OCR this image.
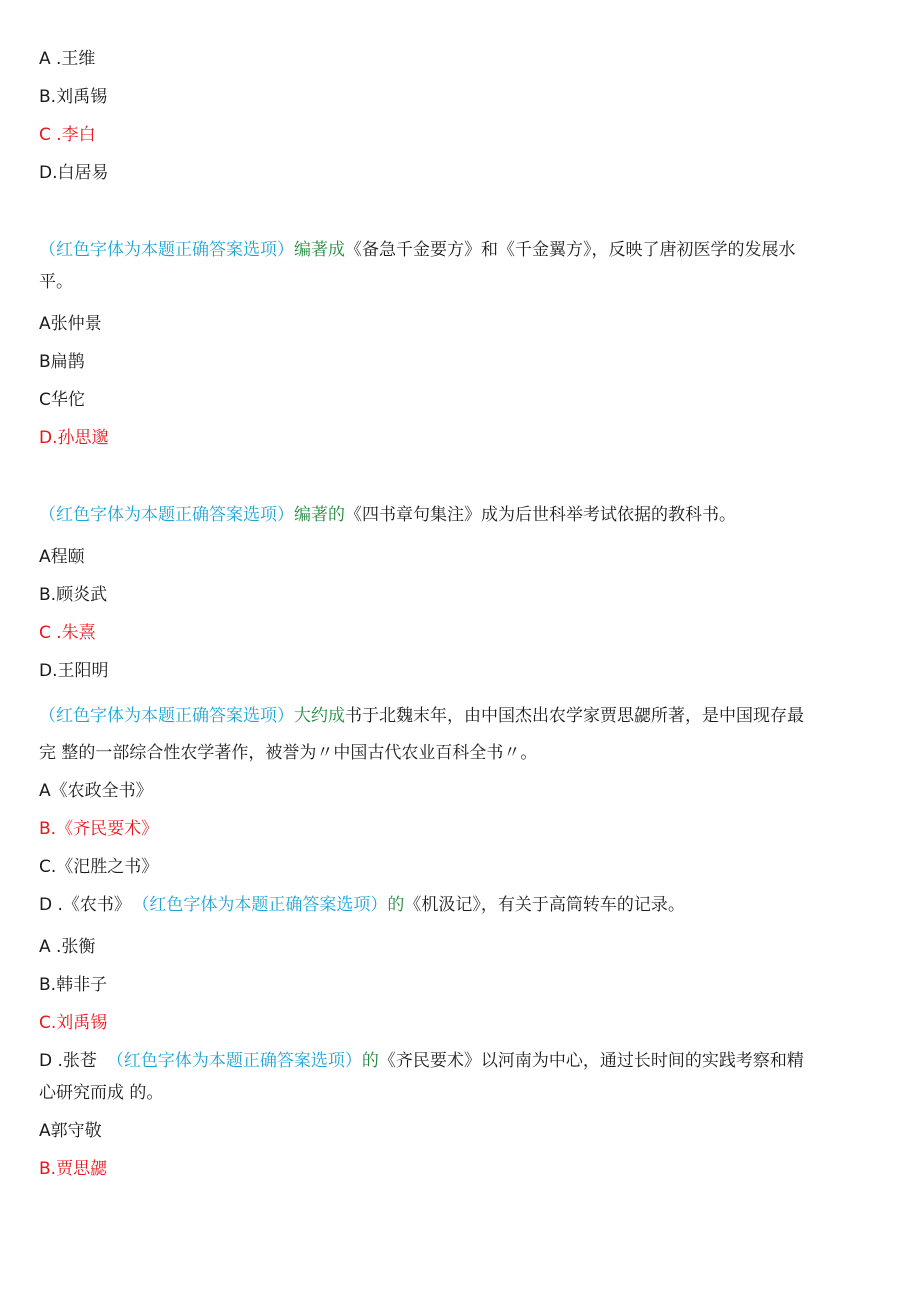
A .王维
B.刘禹锡
C .李白
D.白居易
（红色字体为本题正确答案选项）编著成《备急千金要方》和《千金翼方》，反映了唐初医学的发展水
平。
A张仲景
B扁鹊
C华佗
D.孙思邈
（红色字体为本题正确答案选项）编著的《四书章句集注》成为后世科举考试依据的教科书。
A程颐
B.顾炎武
C .朱熹
D.王阳明
（红色字体为本题正确答案选项）大约成书于北魏末年，由中国杰出农学家贾思勰所著，是中国现存最
完 整的一部综合性农学著作，被誉为〃中国古代农业百科全书〃。
A《农政全书》
B.《齐民要术》
C.《汜胜之书》
D .《农书》 （红色字体为本题正确答案选项）的《机汲记》，有关于高筒转车的记录。
A .张衡
B.韩非子
C.刘禹锡
D .张苍 （红色字体为本题正确答案选项）的《齐民要术》以河南为中心，通过长时间的实践考察和精
心研究而成 的。
A郭守敬
B.贾思勰
